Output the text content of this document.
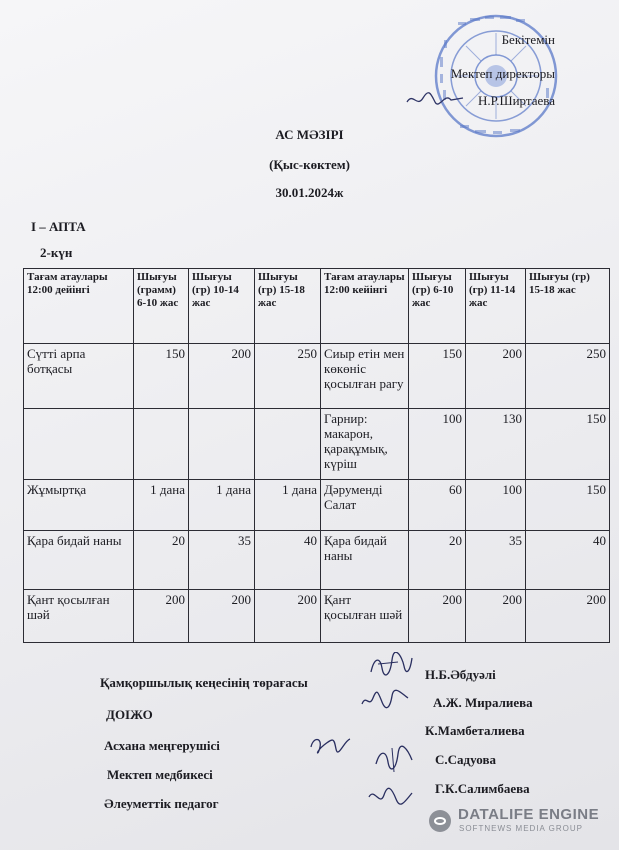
Бекітемін
Мектеп директоры
Н.Р.Ширтаева
АС МӘЗІРІ
(Қыс-көктем)
30.01.2024ж
І – АПТА
2-күн
Тағам атаулары 12:00 дейінгі	Шығуы (грамм) 6-10 жас	Шығуы (гр) 10-14 жас	Шығуы (гр) 15-18 жас	Тағам атаулары 12:00 кейінгі	Шығуы (гр) 6-10 жас	Шығуы (гр) 11-14 жас	Шығуы (гр) 15-18 жас
Сүтті арпа ботқасы	150	200	250	Сиыр етін мен көкөніс қосылған рагу	150	200	250
				Гарнир: макарон, қарақұмық, күріш	100	130	150
Жұмыртқа	1 дана	1 дана	1 дана	Дәруменді Салат	60	100	150
Қара бидай наны	20	35	40	Қара бидай наны	20	35	40
Қант қосылған шәй	200	200	200	Қант қосылған шәй	200	200	200
Қамқоршылық кеңесінің төрағасы
ДОІЖО
Асхана меңгерушісі
Мектеп медбикесі
Әлеуметтік педагог
Н.Б.Әбдуәлі
А.Ж. Миралиева
К.Мамбеталиева
С.Садуова
Г.К.Салимбаева
DATALIFE ENGINE
SOFTNEWS MEDIA GROUP
